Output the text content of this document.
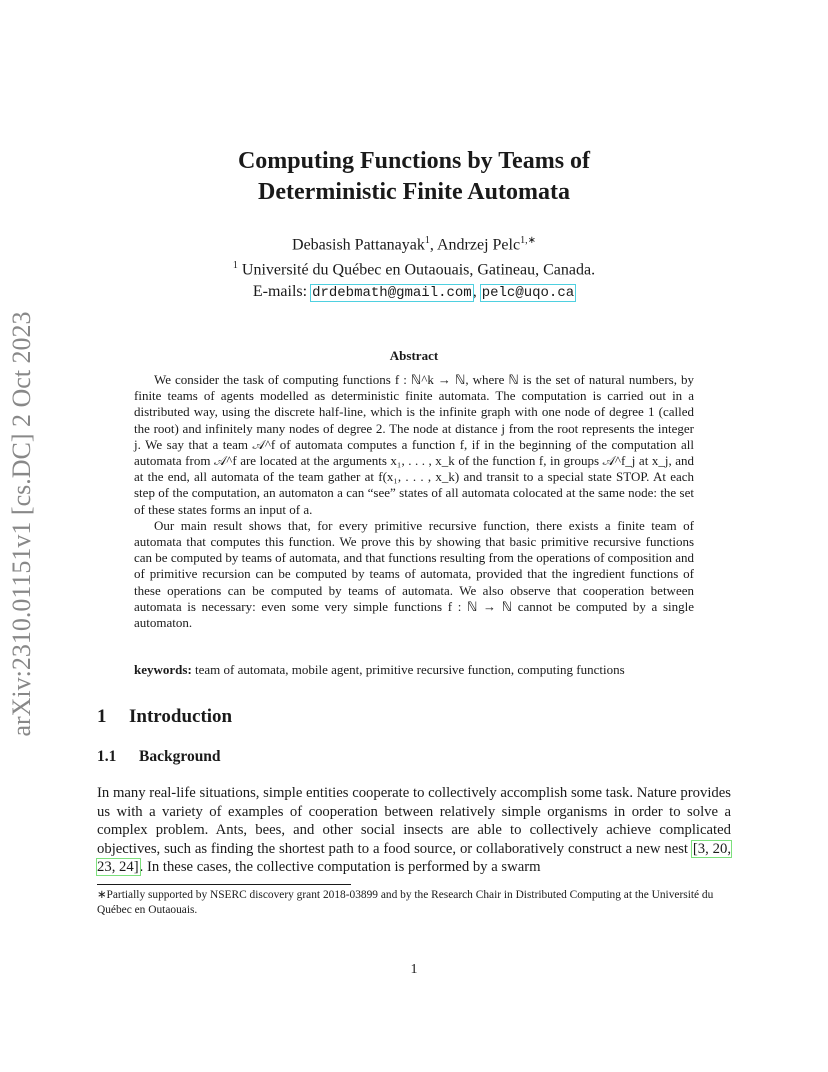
arXiv:2310.01151v1 [cs.DC] 2 Oct 2023
Computing Functions by Teams of
Deterministic Finite Automata
Debasish Pattanayak$^1$, Andrzej Pelc$^{1,∗}$
$^1$ Université du Québec en Outaouais, Gatineau, Canada.
E-mails: drdebmath@gmail.com, pelc@uqo.ca
Abstract

We consider the task of computing functions f : ℕ^k → ℕ, where ℕ is the set of natural numbers, by finite teams of agents modelled as deterministic finite automata. The computation is carried out in a distributed way, using the discrete half-line, which is the infinite graph with one node of degree 1 (called the root) and infinitely many nodes of degree 2. The node at distance j from the root represents the integer j. We say that a team 𝒜^f of automata computes a function f, if in the beginning of the computation all automata from 𝒜^f are located at the arguments x₁, . . . , x_k of the function f, in groups 𝒜^f_j at x_j, and at the end, all automata of the team gather at f(x₁, . . . , x_k) and transit to a special state STOP. At each step of the computation, an automaton a can “see” states of all automata colocated at the same node: the set of these states forms an input of a.

Our main result shows that, for every primitive recursive function, there exists a finite team of automata that computes this function. We prove this by showing that basic primitive recursive functions can be computed by teams of automata, and that functions resulting from the operations of composition and of primitive recursion can be computed by teams of automata, provided that the ingredient functions of these operations can be computed by teams of automata. We also observe that cooperation between automata is necessary: even some very simple functions f : ℕ → ℕ cannot be computed by a single automaton.

keywords: team of automata, mobile agent, primitive recursive function, computing functions
1 Introduction
1.1 Background
In many real-life situations, simple entities cooperate to collectively accomplish some task. Nature provides us with a variety of examples of cooperation between relatively simple organisms in order to solve a complex problem. Ants, bees, and other social insects are able to collectively achieve complicated objectives, such as finding the shortest path to a food source, or collaboratively construct a new nest [3, 20, 23, 24]. In these cases, the collective computation is performed by a swarm
∗Partially supported by NSERC discovery grant 2018-03899 and by the Research Chair in Distributed Computing at the Université du Québec en Outaouais.
1
